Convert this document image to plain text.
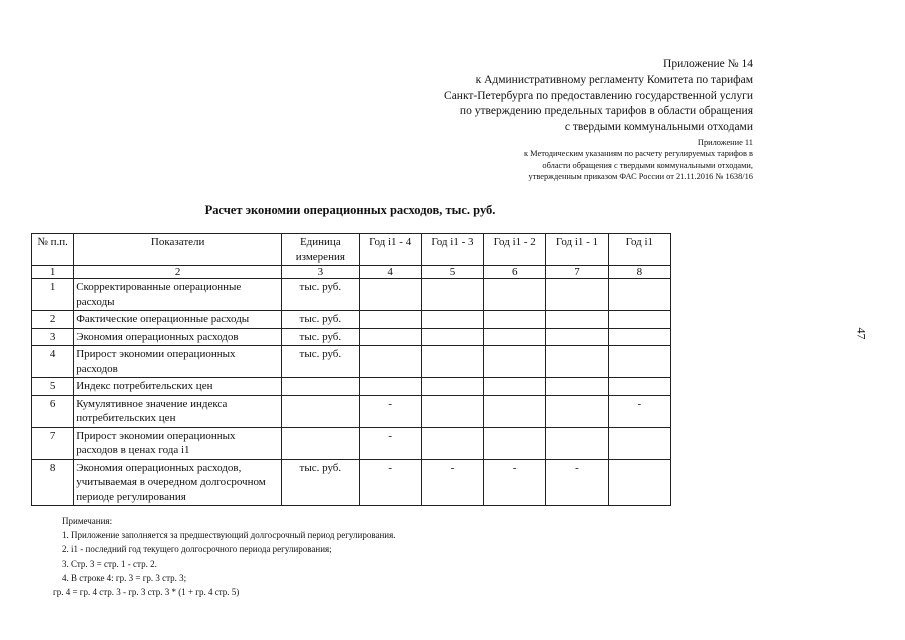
Приложение № 14
к Административному регламенту Комитета по тарифам
Санкт-Петербурга по предоставлению государственной услуги
по утверждению предельных тарифов в области обращения
с твердыми коммунальными отходами
Приложение 11
к Методическим указаниям по расчету регулируемых тарифов в
области обращения с твердыми коммунальными отходами,
утвержденным приказом ФАС России от 21.11.2016 № 1638/16
47
Расчет экономии операционных расходов, тыс. руб.
№ п.п.	Показатели	Единица измерения	Год i1 - 4	Год i1 - 3	Год i1 - 2	Год i1 - 1	Год i1
1	2	3	4	5	6	7	8
1	Скорректированные операционные расходы	тыс. руб.					
2	Фактические операционные расходы	тыс. руб.					
3	Экономия операционных расходов	тыс. руб.					
4	Прирост экономии операционных расходов	тыс. руб.					
5	Индекс потребительских цен						
6	Кумулятивное значение индекса потребительских цен		-				-
7	Прирост экономии операционных расходов в ценах года i1		-				
8	Экономия операционных расходов, учитываемая в очередном долгосрочном периоде регулирования	тыс. руб.	-	-	-	-	
Примечания:
1. Приложение заполняется за предшествующий долгосрочный период регулирования.
2. i1 - последний год текущего долгосрочного периода регулирования;
3. Стр. 3 = стр. 1 - стр. 2.
4. В строке 4: гр. 3 = гр. 3 стр. 3;
гр. 4 = гр. 4 стр. 3 - гр. 3 стр. 3 * (1 + гр. 4 стр. 5)
